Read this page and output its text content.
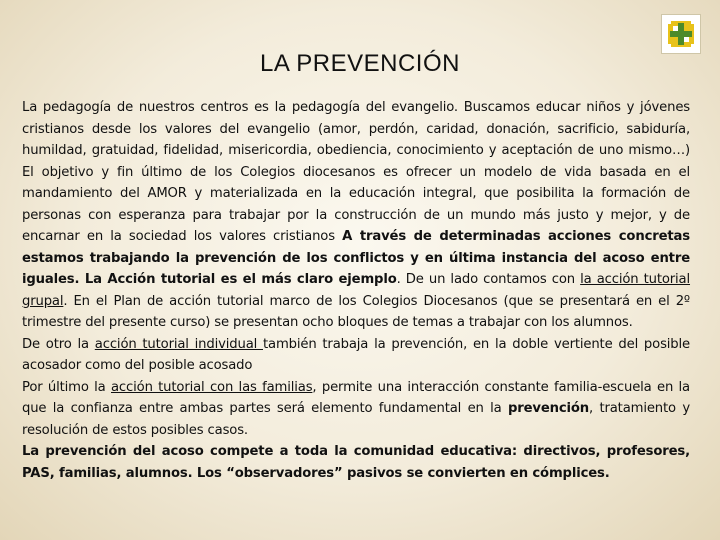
LA PREVENCIÓN

La pedagogía de nuestros centros es la pedagogía del evangelio. Buscamos educar niños y jóvenes cristianos desde los valores del evangelio (amor, perdón, caridad, donación, sacrificio, sabiduría, humildad, gratuidad, fidelidad, misericordia, obediencia, conocimiento y aceptación de uno mismo…) El objetivo y fin último de los Colegios diocesanos es ofrecer un modelo de vida basada en el mandamiento del AMOR y materializada en la educación integral, que posibilita la formación de personas con esperanza para trabajar por la construcción de un mundo más justo y mejor, y de encarnar en la sociedad los valores cristianos A través de determinadas acciones concretas estamos trabajando la prevención de los conflictos y en última instancia del acoso entre iguales. La Acción tutorial es el más claro ejemplo. De un lado contamos con la acción tutorial grupal. En el Plan de acción tutorial marco de los Colegios Diocesanos (que se presentará en el 2º trimestre del presente curso) se presentan ocho bloques de temas a trabajar con los alumnos.

De otro la acción tutorial individual también trabaja la prevención, en la doble vertiente del posible acosador como del posible acosado

Por último la acción tutorial con las familias, permite una interacción constante familia-escuela en la que la confianza entre ambas partes será elemento fundamental en la prevención, tratamiento y resolución de estos posibles casos.

La prevención del acoso compete a toda la comunidad educativa: directivos, profesores, PAS, familias, alumnos. Los “observadores” pasivos se convierten en cómplices.
